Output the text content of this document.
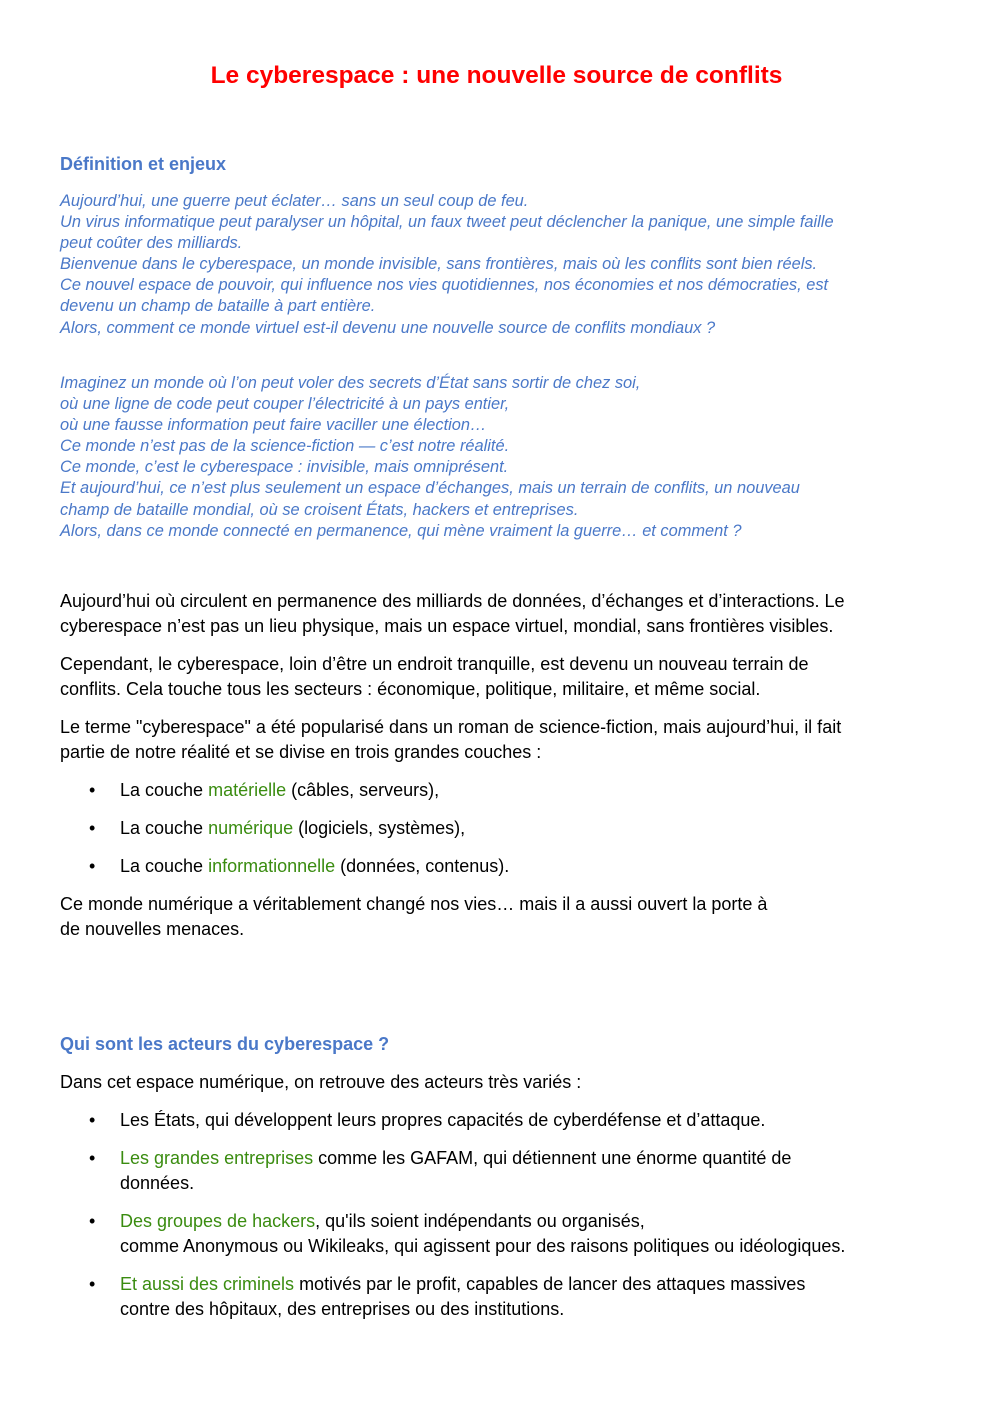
Le cyberespace : une nouvelle source de conflits
Définition et enjeux
Aujourd’hui, une guerre peut éclater… sans un seul coup de feu.
Un virus informatique peut paralyser un hôpital, un faux tweet peut déclencher la panique, une simple faille
peut coûter des milliards.
Bienvenue dans le cyberespace, un monde invisible, sans frontières, mais où les conflits sont bien réels.
Ce nouvel espace de pouvoir, qui influence nos vies quotidiennes, nos économies et nos démocraties, est
devenu un champ de bataille à part entière.
Alors, comment ce monde virtuel est-il devenu une nouvelle source de conflits mondiaux ?
Imaginez un monde où l’on peut voler des secrets d’État sans sortir de chez soi,
où une ligne de code peut couper l’électricité à un pays entier,
où une fausse information peut faire vaciller une élection…
Ce monde n’est pas de la science-fiction — c’est notre réalité.
Ce monde, c’est le cyberespace : invisible, mais omniprésent.
Et aujourd’hui, ce n’est plus seulement un espace d’échanges, mais un terrain de conflits, un nouveau
champ de bataille mondial, où se croisent États, hackers et entreprises.
Alors, dans ce monde connecté en permanence, qui mène vraiment la guerre… et comment ?

Aujourd’hui où circulent en permanence des milliards de données, d’échanges et d’interactions. Le
cyberespace n’est pas un lieu physique, mais un espace virtuel, mondial, sans frontières visibles.

Cependant, le cyberespace, loin d’être un endroit tranquille, est devenu un nouveau terrain de
conflits. Cela touche tous les secteurs : économique, politique, militaire, et même social.

Le terme "cyberespace" a été popularisé dans un roman de science-fiction, mais aujourd’hui, il fait
partie de notre réalité et se divise en trois grandes couches :

• La couche matérielle (câbles, serveurs),

• La couche numérique (logiciels, systèmes),

• La couche informationnelle (données, contenus).

Ce monde numérique a véritablement changé nos vies… mais il a aussi ouvert la porte à
de nouvelles menaces.

Qui sont les acteurs du cyberespace ?

Dans cet espace numérique, on retrouve des acteurs très variés :

• Les États, qui développent leurs propres capacités de cyberdéfense et d’attaque.

• Les grandes entreprises comme les GAFAM, qui détiennent une énorme quantité de
données.

• Des groupes de hackers, qu'ils soient indépendants ou organisés,
comme Anonymous ou Wikileaks, qui agissent pour des raisons politiques ou idéologiques.

• Et aussi des criminels motivés par le profit, capables de lancer des attaques massives
contre des hôpitaux, des entreprises ou des institutions.
